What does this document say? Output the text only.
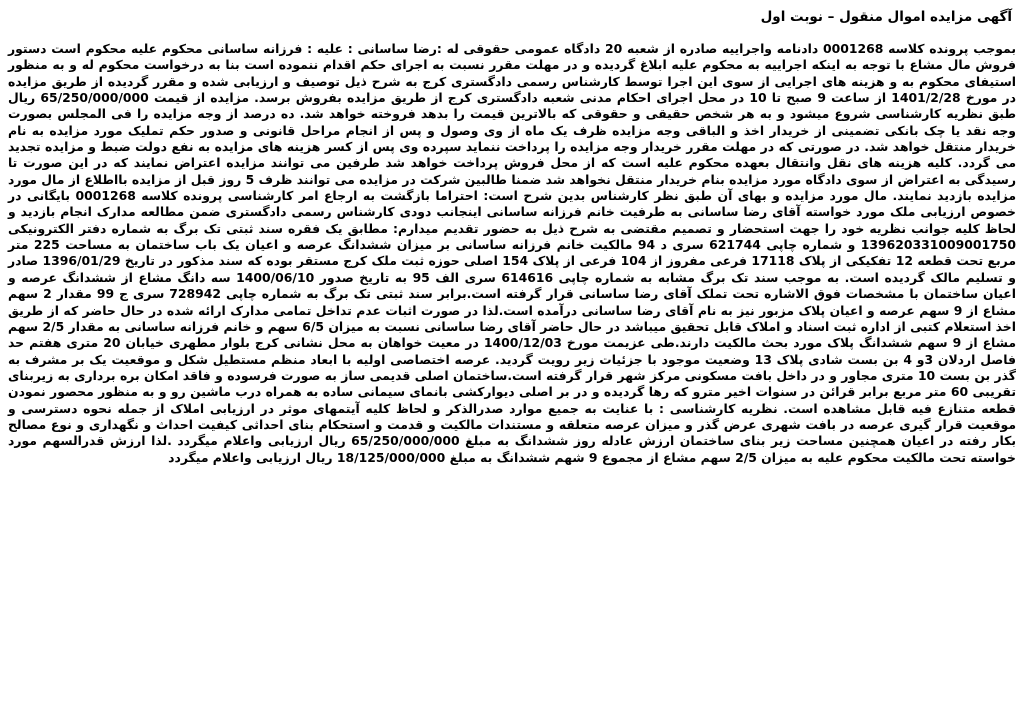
آگهی مزایده اموال منقول – نوبت اول

بموجب پرونده کلاسه 0001268 دادنامه واجراییه صادره از شعبه 20 دادگاه عمومی حقوقی له :رضا ساسانی : علیه : فرزانه ساسانی محکوم علیه محکوم است دستور فروش مال مشاع با توجه به اینکه اجراییه به محکوم علیه ابلاغ گردیده و در مهلت مقرر نسبت به اجرای حکم اقدام ننموده است بنا به درخواست محکوم له و به منظور استیفای محکوم به و هزینه های اجرایی از سوی این اجرا توسط کارشناس رسمی دادگستری کرج به شرح ذیل توصیف و ارزیابی شده و مقرر گردیده از طریق مزایده در مورخ 1401/2/28 از ساعت 9 صبح تا 10 در محل اجرای احکام مدنی شعبه دادگستری کرج از طریق مزایده بفروش برسد. مزایده از قیمت 65/250/000/000 ریال طبق نظریه کارشناسی شروع میشود و به هر شخص حقیقی و حقوقی که بالاترین قیمت را بدهد فروخته خواهد شد. ده درصد از وجه مزایده را فی المجلس بصورت وجه نقد یا چک بانکی تضمینی از خریدار اخذ و الباقی وجه مزایده ظرف یک ماه از وی وصول و پس از انجام مراحل قانونی و صدور حکم تملیک مورد مزایده به نام خریدار منتقل خواهد شد. در صورتی که در مهلت مقرر خریدار وجه مزایده را پرداخت ننماید سپرده وی پس از کسر هزینه های مزایده به نفع دولت ضبط و مزایده تجدید می گردد. کلیه هزینه های نقل وانتقال بعهده محکوم علیه است که از محل فروش پرداخت خواهد شد طرفین می توانند مزایده اعتراض نمایند که در این صورت تا رسیدگی به اعتراض از سوی دادگاه مورد مزایده بنام خریدار منتقل نخواهد شد ضمنا طالبین شرکت در مزایده می توانند ظرف 5 روز قبل از مزایده بااطلاع از مال مورد مزایده بازدید نمایند. مال مورد مزایده و بهای آن طبق نظر کارشناس بدین شرح است: احتراما بازگشت به ارجاع امر کارشناسی پرونده کلاسه 0001268 بایگانی در خصوص ارزیابی ملک مورد خواسته آقای رضا ساسانی به طرفیت خانم فرزانه ساسانی اینجانب دودی کارشناس رسمی دادگستری ضمن مطالعه مدارک انجام بازدید و لحاظ کلیه جوانب نظریه خود را جهت استحضار و تصمیم مقتضی به شرح ذیل به حضور تقدیم میدارم: مطابق یک فقره سند ثبتی تک برگ به شماره دفتر الکترونیکی 139620331009001750 و شماره چاپی 621744 سری د 94 مالکیت خانم فرزانه ساسانی بر میزان ششدانگ عرصه و اعیان یک باب ساختمان به مساحت 225 متر مربع تحت قطعه 12 تفکیکی از پلاک 17118 فرعی مفروز از 104 فرعی از پلاک 154 اصلی حوزه ثبت ملک کرج مستقر بوده که سند مذکور در تاریخ 1396/01/29 صادر و تسلیم مالک گردیده است. به موجب سند تک برگ مشابه به شماره چاپی 614616 سری الف 95 به تاریخ صدور 1400/06/10 سه دانگ مشاع از ششدانگ عرصه و اعیان ساختمان با مشخصات فوق الاشاره تحت تملک آقای رضا ساسانی قرار گرفته است.برابر سند ثبتی تک برگ به شماره چاپی 728942 سری ج 99 مقدار 2 سهم مشاع از 9 سهم عرصه و اعیان پلاک مزبور نیز به نام آقای رضا ساسانی درآمده است.لذا در صورت اثبات عدم تداخل تمامی مدارک ارائه شده در حال حاضر که از طریق اخذ استعلام کتبی از اداره ثبت اسناد و املاک قابل تحقیق میباشد در حال حاضر آقای رضا ساسانی نسبت به میزان 6/5 سهم و خانم فرزانه ساسانی به مقدار 2/5 سهم مشاع از 9 سهم ششدانگ پلاک مورد بحث مالکیت دارند.طی عزیمت مورخ 1400/12/03 در معیت خواهان به محل نشانی کرج بلوار مطهری خیابان 20 متری هفتم حد فاصل اردلان 3و 4 بن بست شادی پلاک 13 وضعیت موجود با جزئیات زیر رویت گردید. عرصه اختصاصی اولیه با ابعاد منظم مستطیل شکل و موقعیت یک بر مشرف به گذر بن بست 10 متری مجاور و در داخل بافت مسکونی مرکز شهر قرار گرفته است.ساختمان اصلی قدیمی ساز به صورت فرسوده و فاقد امکان بره برداری به زیربنای تقریبی 60 متر مربع برابر قرائن در سنوات اخیر مترو که رها گردیده و در بر اصلی دیوارکشی بانمای سیمانی ساده به همراه درب ماشین رو و به منظور محصور نمودن قطعه متنازع فیه قابل مشاهده است. نظریه کارشناسی : با عنایت به جمیع موارد صدرالذکر و لحاظ کلیه آیتمهای موثر در ارزیابی املاک از جمله نحوه دسترسی و موقعیت قرار گیری عرصه در بافت شهری عرض گذر و میزان عرصه متعلقه و مستندات مالکیت و قدمت و استحکام بنای احداثی کیفیت احداث و نگهداری و نوع مصالح بکار رفته در اعیان همچنین مساحت زیر بنای ساختمان ارزش عادله روز ششدانگ به مبلغ 65/250/000/000 ریال ارزیابی واعلام میگردد .لذا ارزش قدرالسهم مورد خواسته تحت مالکیت محکوم علیه به میزان 2/5 سهم مشاع از مجموع 9 شهم ششدانگ به مبلغ 18/125/000/000 ریال ارزیابی واعلام میگردد
